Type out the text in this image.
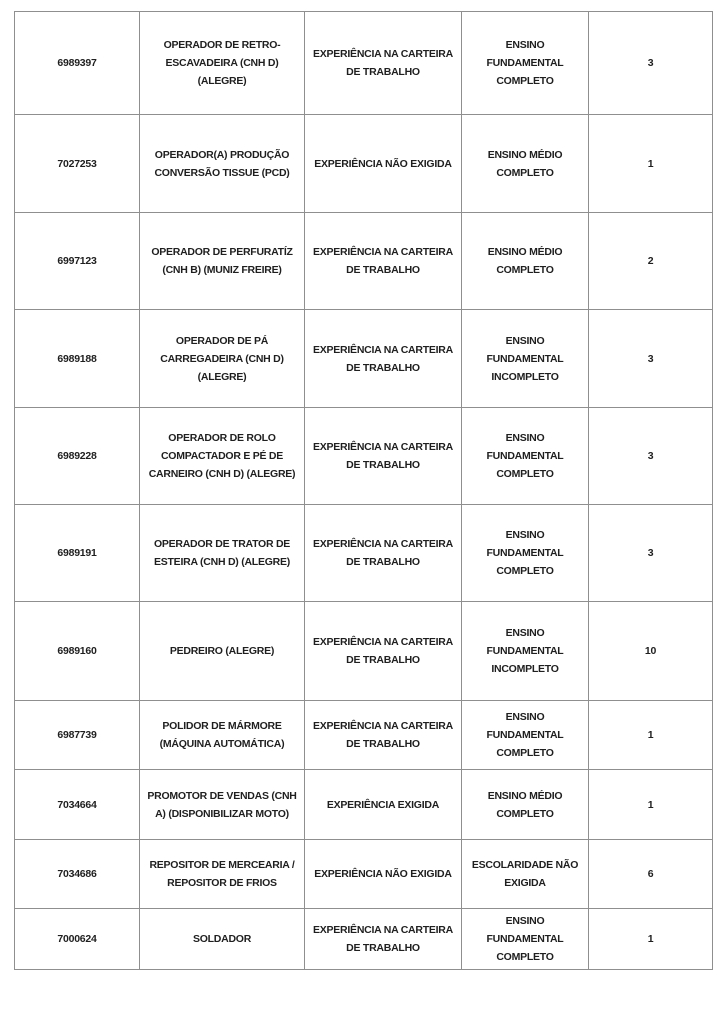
6989397
OPERADOR DE RETRO-ESCAVADEIRA (CNH D) (ALEGRE)
EXPERIÊNCIA NA CARTEIRA DE TRABALHO
ENSINO FUNDAMENTAL COMPLETO
3
7027253
OPERADOR(A) PRODUÇÃO CONVERSÃO TISSUE (PCD)
EXPERIÊNCIA NÃO EXIGIDA
ENSINO MÉDIO COMPLETO
1
6997123
OPERADOR DE PERFURATÍZ (CNH B) (MUNIZ FREIRE)
EXPERIÊNCIA NA CARTEIRA DE TRABALHO
ENSINO MÉDIO COMPLETO
2
6989188
OPERADOR DE PÁ CARREGADEIRA (CNH D) (ALEGRE)
EXPERIÊNCIA NA CARTEIRA DE TRABALHO
ENSINO FUNDAMENTAL INCOMPLETO
3
6989228
OPERADOR DE ROLO COMPACTADOR E PÉ DE CARNEIRO (CNH D) (ALEGRE)
EXPERIÊNCIA NA CARTEIRA DE TRABALHO
ENSINO FUNDAMENTAL COMPLETO
3
6989191
OPERADOR DE TRATOR DE ESTEIRA (CNH D) (ALEGRE)
EXPERIÊNCIA NA CARTEIRA DE TRABALHO
ENSINO FUNDAMENTAL COMPLETO
3
6989160	PEDREIRO (ALEGRE)
EXPERIÊNCIA NA CARTEIRA DE TRABALHO
ENSINO FUNDAMENTAL INCOMPLETO
10
6987739
POLIDOR DE MÁRMORE (MÁQUINA AUTOMÁTICA)
EXPERIÊNCIA NA CARTEIRA DE TRABALHO
ENSINO FUNDAMENTAL COMPLETO
1
7034664
PROMOTOR DE VENDAS (CNH A) (DISPONIBILIZAR MOTO)
EXPERIÊNCIA EXIGIDA
ENSINO MÉDIO COMPLETO
1
7034686
REPOSITOR DE MERCEARIA / REPOSITOR DE FRIOS
EXPERIÊNCIA NÃO EXIGIDA
ESCOLARIDADE NÃO EXIGIDA
6
7000624	SOLDADOR
EXPERIÊNCIA NA CARTEIRA DE TRABALHO
ENSINO FUNDAMENTAL COMPLETO
1
